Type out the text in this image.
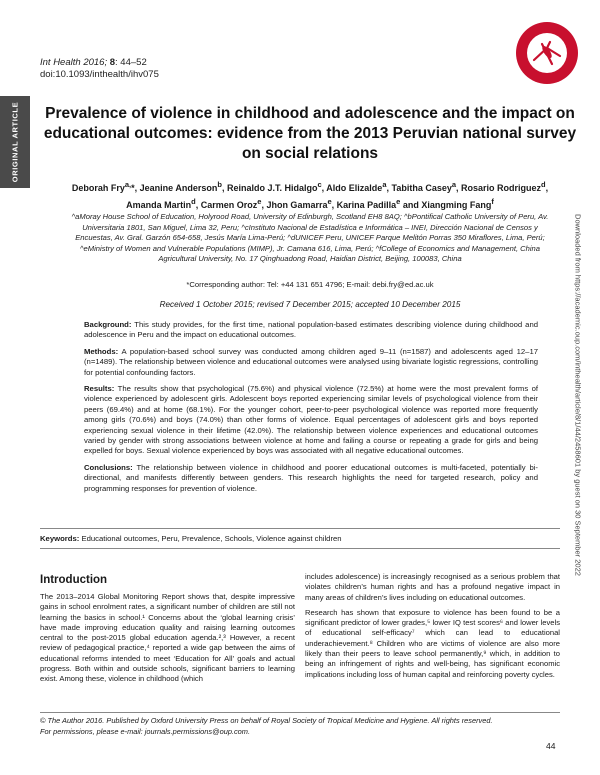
Int Health 2016; 8: 44–52
doi:10.1093/inthealth/ihv075
ORIGINAL ARTICLE
Downloaded from https://academic.oup.com/inthealth/article/8/1/44/2458601 by guest on 30 September 2022
Prevalence of violence in childhood and adolescence and the impact on educational outcomes: evidence from the 2013 Peruvian national survey on social relations
Deborah Fry$^{a,}$*, Jeanine Anderson$^b$, Reinaldo J.T. Hidalgo$^c$, Aldo Elizalde$^a$, Tabitha Casey$^a$, Rosario Rodriguez$^d$,
Amanda Martin$^d$, Carmen Oroz$^e$, Jhon Gamarra$^e$, Karina Padilla$^e$ and Xiangming Fang$^f$
^aMoray House School of Education, Holyrood Road, University of Edinburgh, Scotland EH8 8AQ; ^bPontifical Catholic University of Peru, Av.
Universitaria 1801, San Miguel, Lima 32, Peru; ^cInstituto Nacional de Estadística e Informática – INEI, Dirección Nacional de Censos y
Encuestas, Av. Gral. Garzón 654-658, Jesús María Lima-Perú; ^dUNICEF Peru, UNICEF Parque Melitón Porras 350 Miraflores, Lima, Perú;
^eMinistry of Women and Vulnerable Populations (MIMP), Jr. Camana 616, Lima, Perú; ^fCollege of Economics and Management, China
Agricultural University, No. 17 Qinghuadong Road, Haidian District, Beijing, 100083, China
*Corresponding author: Tel: +44 131 651 4796; E-mail: debi.fry@ed.ac.uk
Received 1 October 2015; revised 7 December 2015; accepted 10 December 2015

Background: This study provides, for the first time, national population-based estimates describing violence during childhood and adolescence in Peru and the impact on educational outcomes.

Methods: A population-based school survey was conducted among children aged 9–11 (n=1587) and adolescents aged 12–17 (n=1489). The relationship between violence and educational outcomes were analysed using bivariate logistic regressions, controlling for potential confounding factors.

Results: The results show that psychological (75.6%) and physical violence (72.5%) at home were the most prevalent forms of violence experienced by adolescent girls. Adolescent boys reported experiencing similar levels of psychological violence from their peers (69.4%) and at home (68.1%). For the younger cohort, peer-to-peer psychological violence was reported more frequently among girls (70.6%) and boys (74.0%) than other forms of violence. Equal percentages of adolescent girls and boys reported experiencing sexual violence in their lifetime (42.0%). The relationship between violence experiences and educational outcomes varied by gender with strong associations between violence at home and failing a course or repeating a grade for girls and being expelled for boys. Sexual violence experienced by boys was associated with all negative educational outcomes.

Conclusions: The relationship between violence in childhood and poorer educational outcomes is multi-faceted, potentially bi-directional, and manifests differently between genders. This research highlights the need for targeted research, policy and programming responses for prevention of violence.

Keywords: Educational outcomes, Peru, Prevalence, Schools, Violence against children
Introduction

The 2013–2014 Global Monitoring Report shows that, despite impressive gains in school enrolment rates, a significant number of children are still not learning the basics in school.¹ Concerns about the ‘global learning crisis’ have made improving education quality and raising learning outcomes central to the post-2015 global education agenda.²,³ However, a recent review of pedagogical practice,⁴ reported a wide gap between the aims of educational reforms intended to meet ‘Education for All’ goals and actual progress. Both within and outside schools, significant barriers to learning exist. Among these, violence in childhood (which

includes adolescence) is increasingly recognised as a serious problem that violates children’s human rights and has a profound negative impact in many areas of children’s lives including on educational outcomes.

Research has shown that exposure to violence has been found to be a significant predictor of lower grades,⁵ lower IQ test scores⁶ and lower levels of educational self-efficacy⁷ which can lead to educational underachievement.⁸ Children who are victims of violence are also more likely than their peers to leave school permanently,⁹ which, in addition to being an infringement of rights and well-being, has significant economic implications including loss of human capital and reinforcing poverty cycles.

© The Author 2016. Published by Oxford University Press on behalf of Royal Society of Tropical Medicine and Hygiene. All rights reserved.
For permissions, please e-mail: journals.permissions@oup.com.
44
